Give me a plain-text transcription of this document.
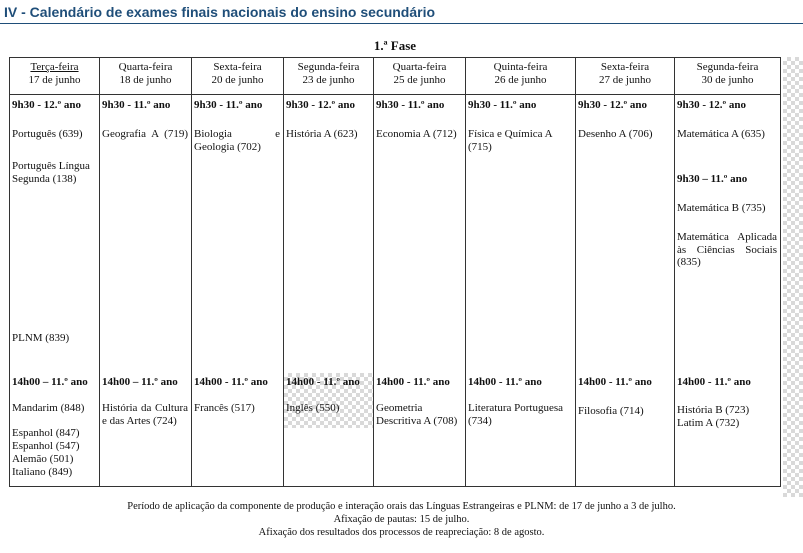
IV - Calendário de exames finais nacionais do ensino secundário
1.ª Fase
Terça-feira
17 de junho
9h30 - 12.º ano
Português (639)
Português Língua Segunda (138)
PLNM (839)
14h00 – 11.º ano
Mandarim (848)
Espanhol (847)
Espanhol (547)
Alemão (501)
Italiano (849)
Quarta-feira
18 de junho
9h30 - 11.º ano
Geografia A (719)
14h00 – 11.º ano
História da Cultura e das Artes (724)
Sexta-feira
20 de junho
9h30 - 11.º ano
Biologia e Geologia (702)
14h00 - 11.º ano
Francês (517)
Segunda-feira
23 de junho
9h30 - 12.º ano
História A (623)
14h00 - 11.º ano
Inglês (550)
Quarta-feira
25 de junho
9h30 - 11.º ano
Economia A (712)
14h00 - 11.º ano
Geometria Descritiva A (708)
Quinta-feira
26 de junho
9h30 - 11.º ano
Física e Química A (715)
14h00 - 11.º ano
Literatura Portuguesa (734)
Sexta-feira
27 de junho
9h30 - 12.º ano
Desenho A (706)
14h00 - 11.º ano
Filosofia (714)
Segunda-feira
30 de junho
9h30 - 12.º ano
Matemática A (635)
9h30 – 11.º ano
Matemática B (735)
Matemática Aplicada às Ciências Sociais (835)
14h00 - 11.º ano
História B (723)
Latim A (732)
Período de aplicação da componente de produção e interação orais das Línguas Estrangeiras e PLNM: de 17 de junho a 3 de julho.
Afixação de pautas: 15 de julho.
Afixação dos resultados dos processos de reapreciação: 8 de agosto.
